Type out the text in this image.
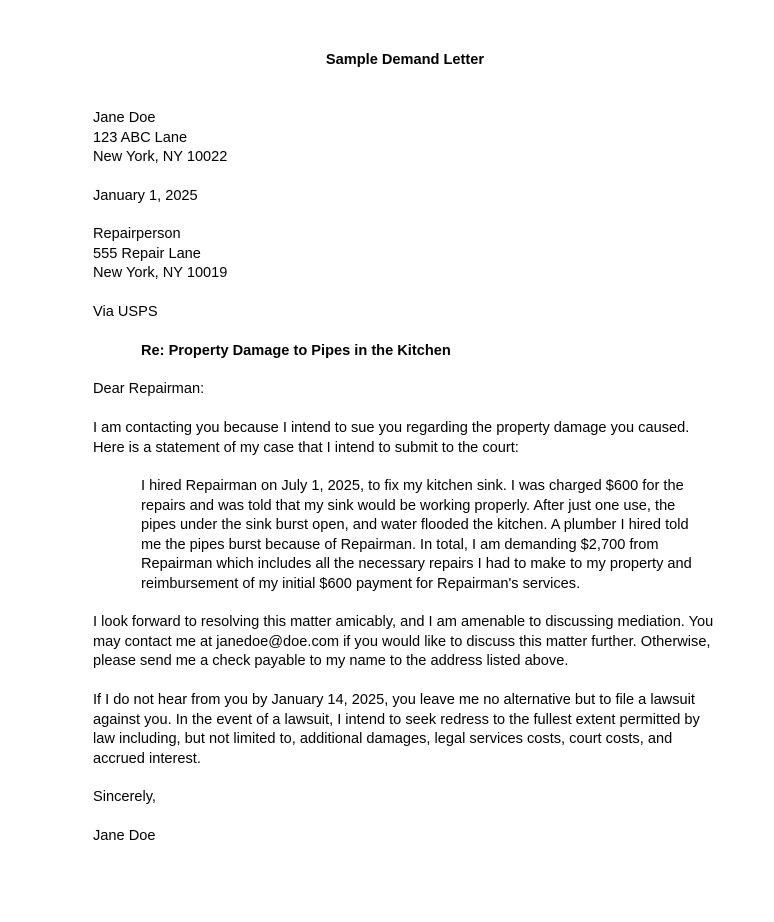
Sample Demand Letter
Jane Doe
123 ABC Lane
New York, NY 10022
January 1, 2025
Repairperson
555 Repair Lane
New York, NY 10019
Via USPS
Re: Property Damage to Pipes in the Kitchen
Dear Repairman:
I am contacting you because I intend to sue you regarding the property damage you caused.
Here is a statement of my case that I intend to submit to the court:
I hired Repairman on July 1, 2025, to fix my kitchen sink. I was charged $600 for the
repairs and was told that my sink would be working properly. After just one use, the
pipes under the sink burst open, and water flooded the kitchen. A plumber I hired told
me the pipes burst because of Repairman. In total, I am demanding $2,700 from
Repairman which includes all the necessary repairs I had to make to my property and
reimbursement of my initial $600 payment for Repairman's services.
I look forward to resolving this matter amicably, and I am amenable to discussing mediation. You
may contact me at janedoe@doe.com if you would like to discuss this matter further. Otherwise,
please send me a check payable to my name to the address listed above.
If I do not hear from you by January 14, 2025, you leave me no alternative but to file a lawsuit
against you. In the event of a lawsuit, I intend to seek redress to the fullest extent permitted by
law including, but not limited to, additional damages, legal services costs, court costs, and
accrued interest.
Sincerely,
Jane Doe
